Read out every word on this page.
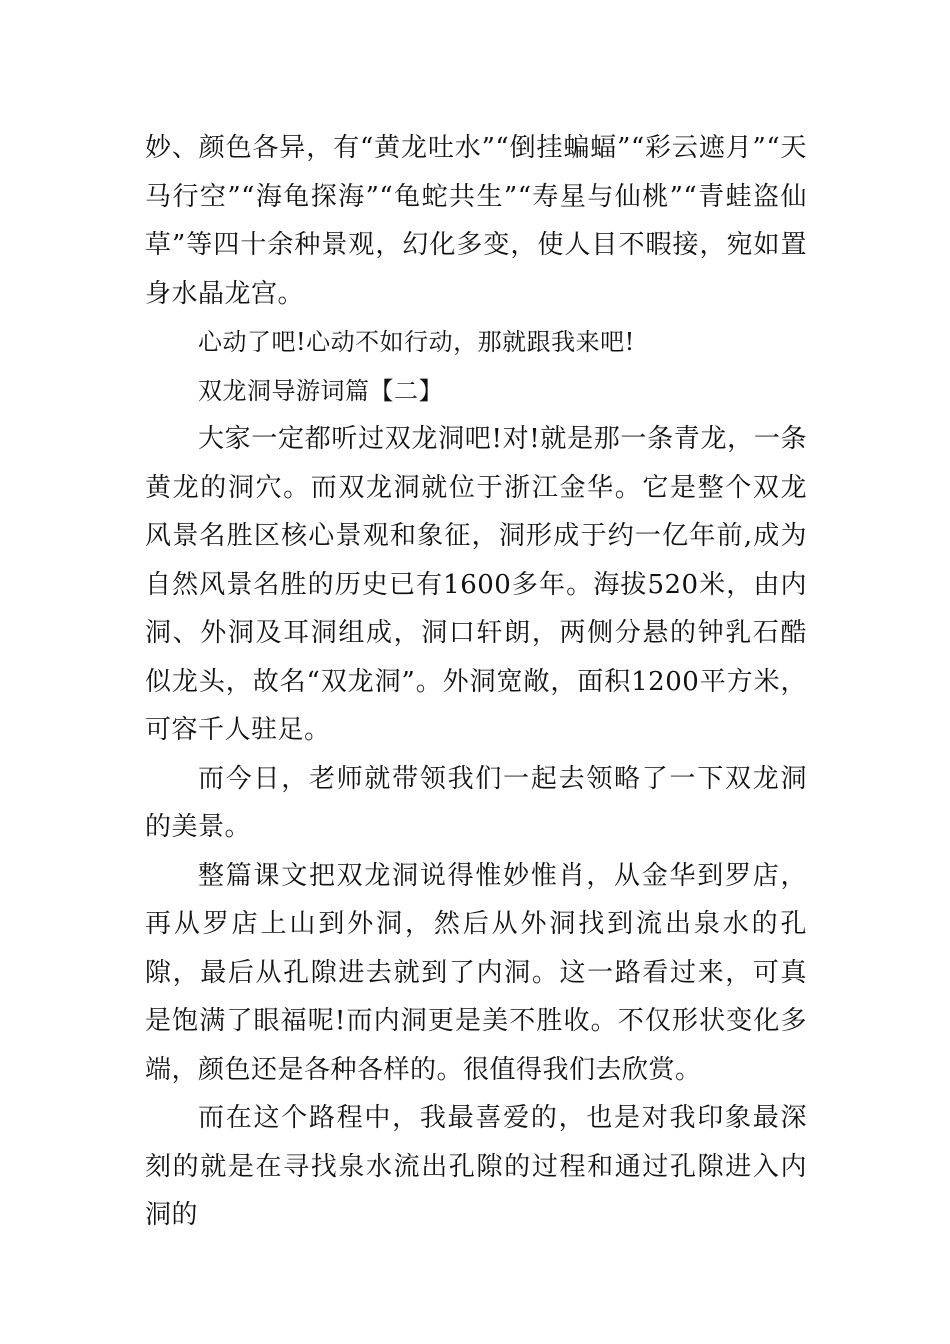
妙、颜色各异，有“黄龙吐水”“倒挂蝙蝠”“彩云遮月”“天马行空”“海龟探海”“龟蛇共生”“寿星与仙桃”“青蛙盗仙草”等四十余种景观，幻化多变，使人目不暇接，宛如置身水晶龙宫。

心动了吧!心动不如行动，那就跟我来吧!

双龙洞导游词篇【二】

大家一定都听过双龙洞吧!对!就是那一条青龙，一条黄龙的洞穴。而双龙洞就位于浙江金华。它是整个双龙风景名胜区核心景观和象征，洞形成于约一亿年前,成为自然风景名胜的历史已有1600多年。海拔520米，由内洞、外洞及耳洞组成，洞口轩朗，两侧分悬的钟乳石酷似龙头，故名“双龙洞”。外洞宽敞，面积1200平方米，可容千人驻足。

而今日，老师就带领我们一起去领略了一下双龙洞的美景。

整篇课文把双龙洞说得惟妙惟肖，从金华到罗店，再从罗店上山到外洞，然后从外洞找到流出泉水的孔隙，最后从孔隙进去就到了内洞。这一路看过来，可真是饱满了眼福呢!而内洞更是美不胜收。不仅形状变化多端，颜色还是各种各样的。很值得我们去欣赏。

而在这个路程中，我最喜爱的，也是对我印象最深刻的就是在寻找泉水流出孔隙的过程和通过孔隙进入内洞的
